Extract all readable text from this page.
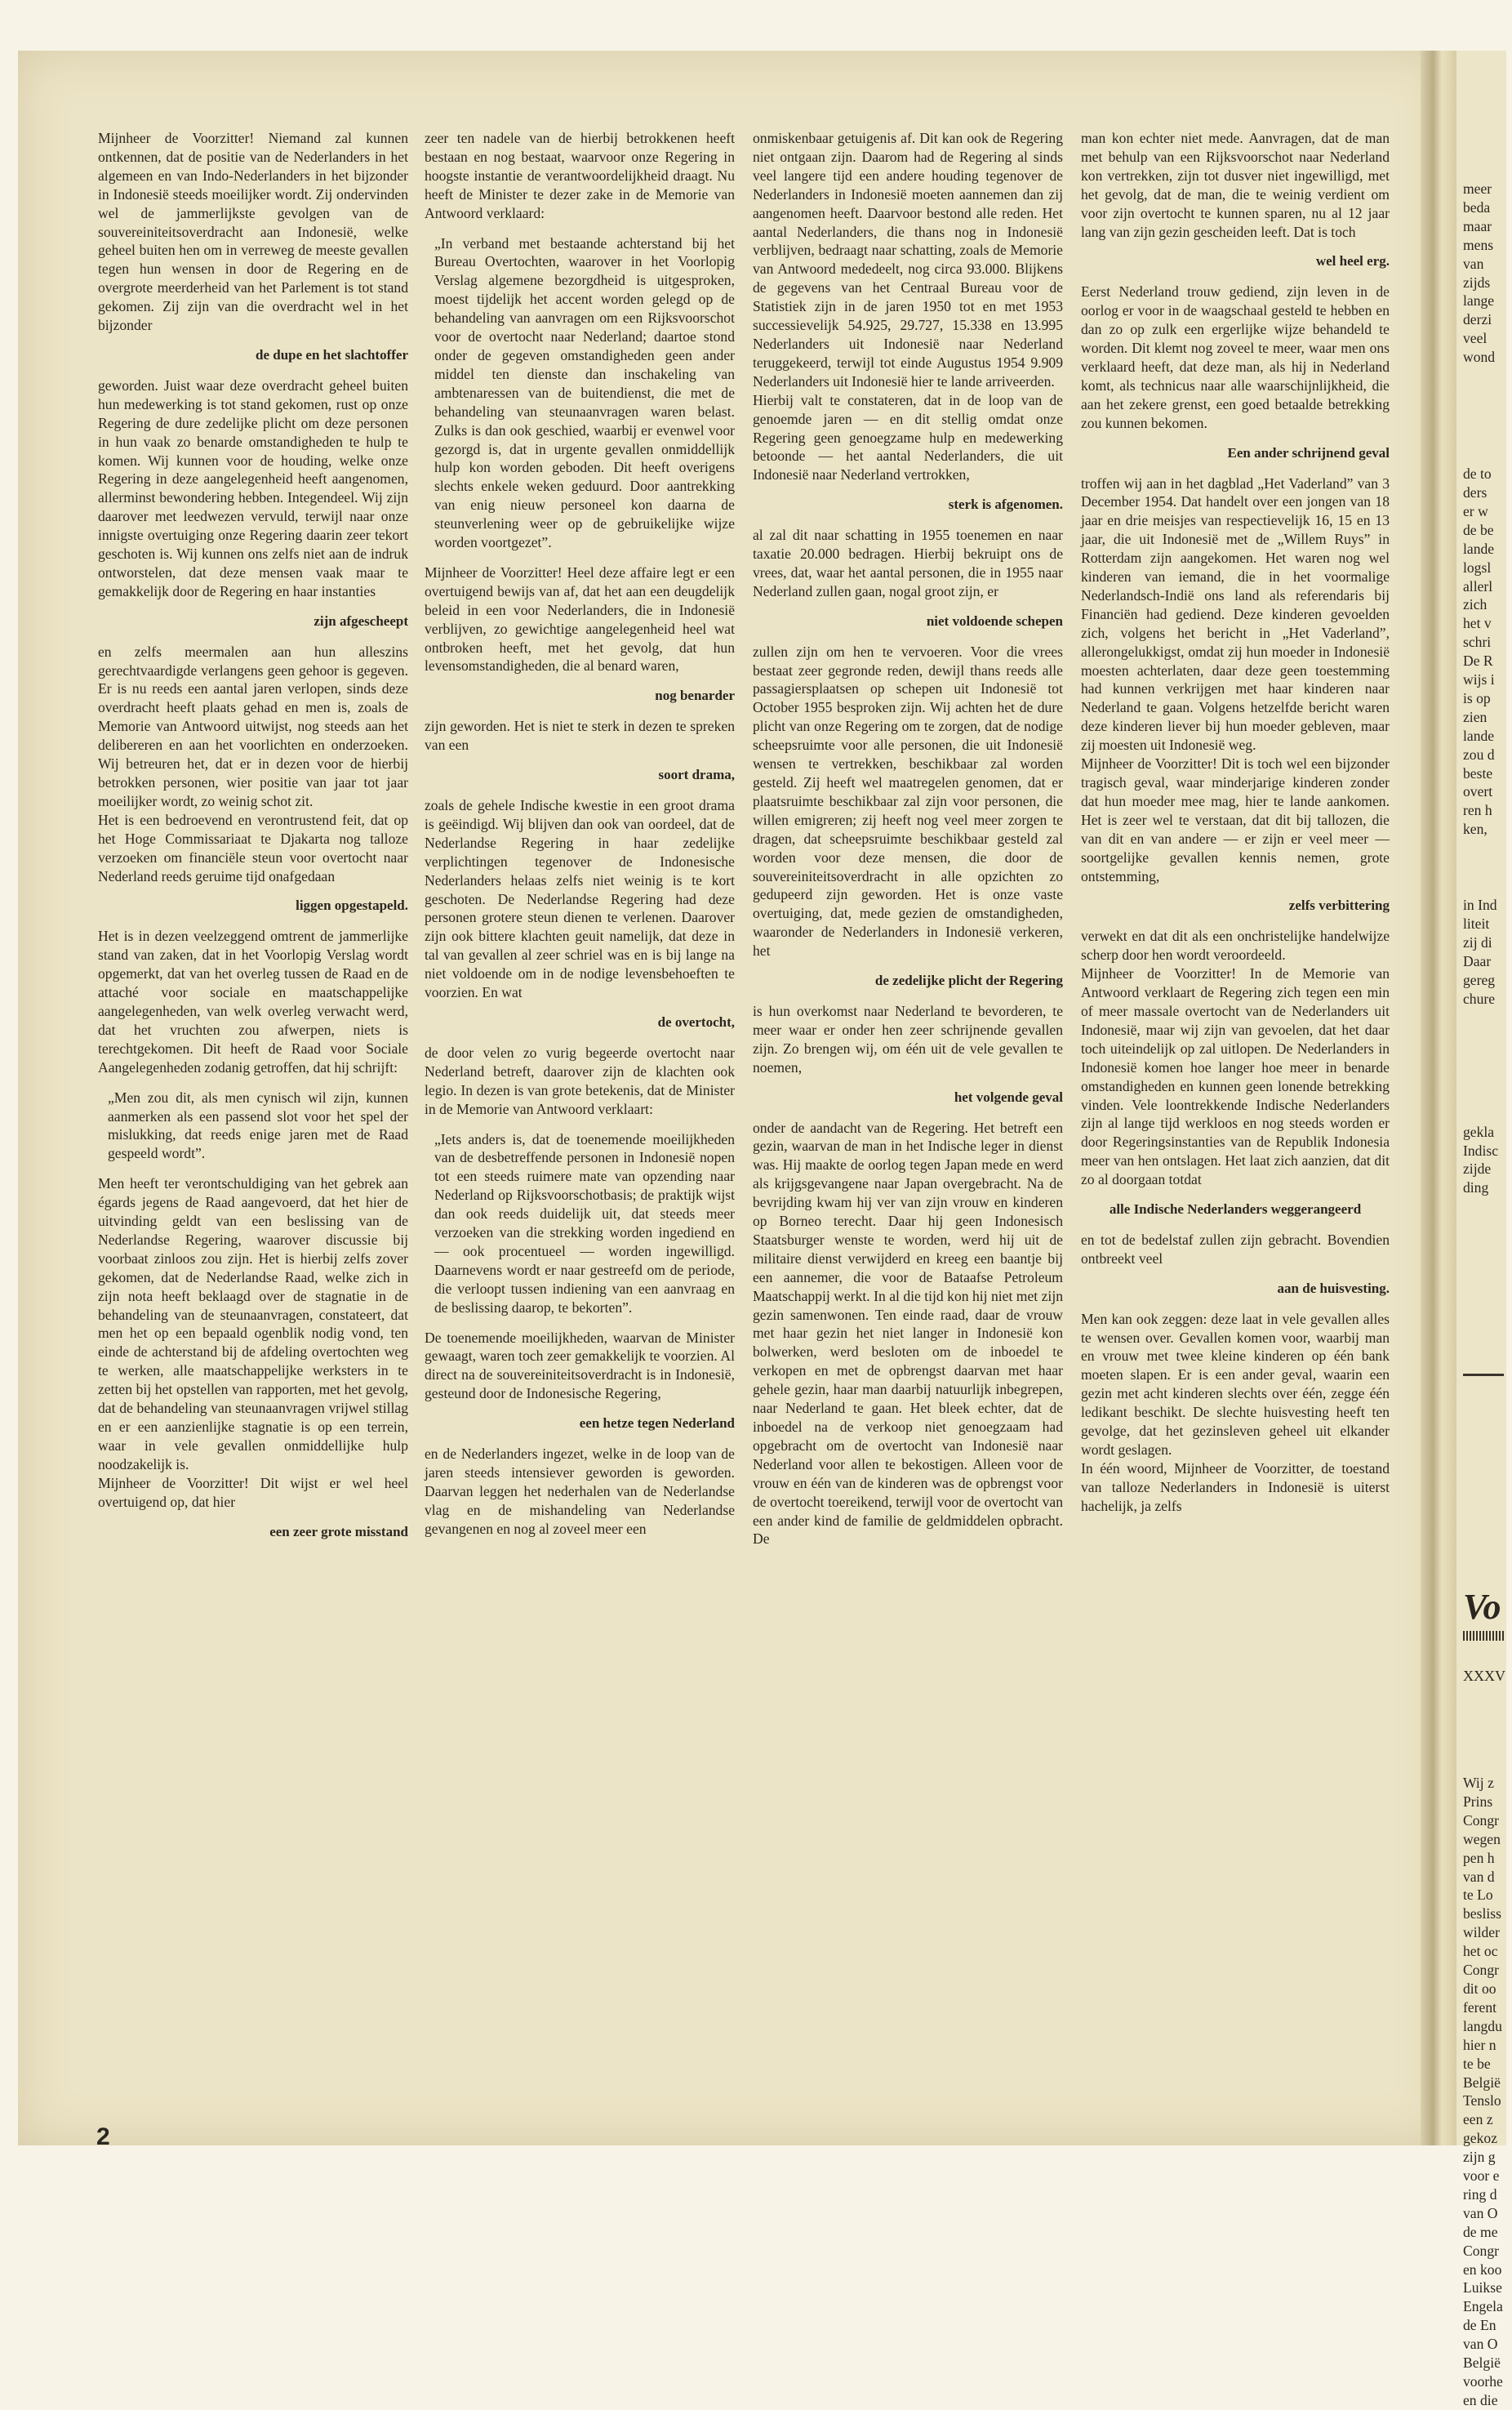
Mijnheer de Voorzitter! Niemand zal kunnen ontkennen, dat de positie van de Nederlanders in het algemeen en van Indo-Nederlanders in het bijzonder in Indonesië steeds moeilijker wordt. Zij ondervinden wel de jammerlijkste gevolgen van de souvereiniteitsoverdracht aan Indonesië, welke geheel buiten hen om in verreweg de meeste gevallen tegen hun wensen in door de Regering en de overgrote meerderheid van het Parlement is tot stand gekomen. Zij zijn van die overdracht wel in het bijzonder

de dupe en het slachtoffer

geworden. Juist waar deze overdracht geheel buiten hun medewerking is tot stand gekomen, rust op onze Regering de dure zedelijke plicht om deze personen in hun vaak zo benarde omstandigheden te hulp te komen. Wij kunnen voor de houding, welke onze Regering in deze aangelegenheid heeft aangenomen, allerminst bewondering hebben. Integendeel. Wij zijn daarover met leedwezen vervuld, terwijl naar onze innigste overtuiging onze Regering daarin zeer tekort geschoten is. Wij kunnen ons zelfs niet aan de indruk ontworstelen, dat deze mensen vaak maar te gemakkelijk door de Regering en haar instanties

zijn afgescheept

en zelfs meermalen aan hun alleszins gerechtvaardigde verlangens geen gehoor is gegeven. Er is nu reeds een aantal jaren verlopen, sinds deze overdracht heeft plaats gehad en men is, zoals de Memorie van Antwoord uitwijst, nog steeds aan het delibereren en aan het voorlichten en onderzoeken. Wij betreuren het, dat er in dezen voor de hierbij betrokken personen, wier positie van jaar tot jaar moeilijker wordt, zo weinig schot zit.

Het is een bedroevend en verontrustend feit, dat op het Hoge Commissariaat te Djakarta nog talloze verzoeken om financiële steun voor overtocht naar Nederland reeds geruime tijd onafgedaan

liggen opgestapeld.

Het is in dezen veelzeggend omtrent de jammerlijke stand van zaken, dat in het Voorlopig Verslag wordt opgemerkt, dat van het overleg tussen de Raad en de attaché voor sociale en maatschappelijke aangelegenheden, van welk overleg verwacht werd, dat het vruchten zou afwerpen, niets is terechtgekomen. Dit heeft de Raad voor Sociale Aangelegenheden zodanig getroffen, dat hij schrijft:

„Men zou dit, als men cynisch wil zijn, kunnen aanmerken als een passend slot voor het spel der mislukking, dat reeds enige jaren met de Raad gespeeld wordt”.

Men heeft ter verontschuldiging van het gebrek aan égards jegens de Raad aangevoerd, dat het hier de uitvinding geldt van een beslissing van de Nederlandse Regering, waarover discussie bij voorbaat zinloos zou zijn. Het is hierbij zelfs zover gekomen, dat de Nederlandse Raad, welke zich in zijn nota heeft beklaagd over de stagnatie in de behandeling van de steunaanvragen, constateert, dat men het op een bepaald ogenblik nodig vond, ten einde de achterstand bij de afdeling overtochten weg te werken, alle maatschappelijke werksters in te zetten bij het opstellen van rapporten, met het gevolg, dat de behandeling van steunaanvragen vrijwel stillag en er een aanzienlijke stagnatie is op een terrein, waar in vele gevallen onmiddellijke hulp noodzakelijk is.

Mijnheer de Voorzitter! Dit wijst er wel heel overtuigend op, dat hier

een zeer grote misstand

zeer ten nadele van de hierbij betrokkenen heeft bestaan en nog bestaat, waarvoor onze Regering in hoogste instantie de verantwoordelijkheid draagt. Nu heeft de Minister te dezer zake in de Memorie van Antwoord verklaard:

„In verband met bestaande achterstand bij het Bureau Overtochten, waarover in het Voorlopig Verslag algemene bezorgdheid is uitgesproken, moest tijdelijk het accent worden gelegd op de behandeling van aanvragen om een Rijksvoorschot voor de overtocht naar Nederland; daartoe stond onder de gegeven omstandigheden geen ander middel ten dienste dan inschakeling van ambtenaressen van de buitendienst, die met de behandeling van steunaanvragen waren belast. Zulks is dan ook geschied, waarbij er evenwel voor gezorgd is, dat in urgente gevallen onmiddellijk hulp kon worden geboden. Dit heeft overigens slechts enkele weken geduurd. Door aantrekking van enig nieuw personeel kon daarna de steunverlening weer op de gebruikelijke wijze worden voortgezet”.

Mijnheer de Voorzitter! Heel deze affaire legt er een overtuigend bewijs van af, dat het aan een deugdelijk beleid in een voor Nederlanders, die in Indonesië verblijven, zo gewichtige aangelegenheid heel wat ontbroken heeft, met het gevolg, dat hun levensomstandigheden, die al benard waren,

nog benarder

zijn geworden. Het is niet te sterk in dezen te spreken van een

soort drama,

zoals de gehele Indische kwestie in een groot drama is geëindigd. Wij blijven dan ook van oordeel, dat de Nederlandse Regering in haar zedelijke verplichtingen tegenover de Indonesische Nederlanders helaas zelfs niet weinig is te kort geschoten. De Nederlandse Regering had deze personen grotere steun dienen te verlenen. Daarover zijn ook bittere klachten geuit namelijk, dat deze in tal van gevallen al zeer schriel was en is bij lange na niet voldoende om in de nodige levensbehoeften te voorzien. En wat

de overtocht,

de door velen zo vurig begeerde overtocht naar Nederland betreft, daarover zijn de klachten ook legio. In dezen is van grote betekenis, dat de Minister in de Memorie van Antwoord verklaart:

„Iets anders is, dat de toenemende moeilijkheden van de desbetreffende personen in Indonesië nopen tot een steeds ruimere mate van opzending naar Nederland op Rijksvoorschotbasis; de praktijk wijst dan ook reeds duidelijk uit, dat steeds meer verzoeken van die strekking worden ingediend en — ook procentueel — worden ingewilligd. Daarnevens wordt er naar gestreefd om de periode, die verloopt tussen indiening van een aanvraag en de beslissing daarop, te bekorten”.

De toenemende moeilijkheden, waarvan de Minister gewaagt, waren toch zeer gemakkelijk te voorzien. Al direct na de souvereiniteitsoverdracht is in Indonesië, gesteund door de Indonesische Regering,

een hetze tegen Nederland

en de Nederlanders ingezet, welke in de loop van de jaren steeds intensiever geworden is geworden. Daarvan leggen het nederhalen van de Nederlandse vlag en de mishandeling van Nederlandse gevangenen en nog al zoveel meer een

onmiskenbaar getuigenis af. Dit kan ook de Regering niet ontgaan zijn. Daarom had de Regering al sinds veel langere tijd een andere houding tegenover de Nederlanders in Indonesië moeten aannemen dan zij aangenomen heeft. Daarvoor bestond alle reden. Het aantal Nederlanders, die thans nog in Indonesië verblijven, bedraagt naar schatting, zoals de Memorie van Antwoord mededeelt, nog circa 93.000. Blijkens de gegevens van het Centraal Bureau voor de Statistiek zijn in de jaren 1950 tot en met 1953 successievelijk 54.925, 29.727, 15.338 en 13.995 Nederlanders uit Indonesië naar Nederland teruggekeerd, terwijl tot einde Augustus 1954 9.909 Nederlanders uit Indonesië hier te lande arriveerden.

Hierbij valt te constateren, dat in de loop van de genoemde jaren — en dit stellig omdat onze Regering geen genoegzame hulp en medewerking betoonde — het aantal Nederlanders, die uit Indonesië naar Nederland vertrokken,

sterk is afgenomen.

al zal dit naar schatting in 1955 toenemen en naar taxatie 20.000 bedragen. Hierbij bekruipt ons de vrees, dat, waar het aantal personen, die in 1955 naar Nederland zullen gaan, nogal groot zijn, er

niet voldoende schepen

zullen zijn om hen te vervoeren. Voor die vrees bestaat zeer gegronde reden, dewijl thans reeds alle passagiersplaatsen op schepen uit Indonesië tot October 1955 besproken zijn. Wij achten het de dure plicht van onze Regering om te zorgen, dat de nodige scheepsruimte voor alle personen, die uit Indonesië wensen te vertrekken, beschikbaar zal worden gesteld. Zij heeft wel maatregelen genomen, dat er plaatsruimte beschikbaar zal zijn voor personen, die willen emigreren; zij heeft nog veel meer zorgen te dragen, dat scheepsruimte beschikbaar gesteld zal worden voor deze mensen, die door de souvereiniteitsoverdracht in alle opzichten zo gedupeerd zijn geworden. Het is onze vaste overtuiging, dat, mede gezien de omstandigheden, waaronder de Nederlanders in Indonesië verkeren, het

de zedelijke plicht der Regering

is hun overkomst naar Nederland te bevorderen, te meer waar er onder hen zeer schrijnende gevallen zijn. Zo brengen wij, om één uit de vele gevallen te noemen,

het volgende geval

onder de aandacht van de Regering. Het betreft een gezin, waarvan de man in het Indische leger in dienst was. Hij maakte de oorlog tegen Japan mede en werd als krijgsgevangene naar Japan overgebracht. Na de bevrijding kwam hij ver van zijn vrouw en kinderen op Borneo terecht. Daar hij geen Indonesisch Staatsburger wenste te worden, werd hij uit de militaire dienst verwijderd en kreeg een baantje bij een aannemer, die voor de Bataafse Petroleum Maatschappij werkt. In al die tijd kon hij niet met zijn gezin samenwonen. Ten einde raad, daar de vrouw met haar gezin het niet langer in Indonesië kon bolwerken, werd besloten om de inboedel te verkopen en met de opbrengst daarvan met haar gehele gezin, haar man daarbij natuurlijk inbegrepen, naar Nederland te gaan. Het bleek echter, dat de inboedel na de verkoop niet genoegzaam had opgebracht om de overtocht van Indonesië naar Nederland voor allen te bekostigen. Alleen voor de vrouw en één van de kinderen was de opbrengst voor de overtocht toereikend, terwijl voor de overtocht van een ander kind de familie de geldmiddelen opbracht. De

man kon echter niet mede. Aanvragen, dat de man met behulp van een Rijksvoorschot naar Nederland kon vertrekken, zijn tot dusver niet ingewilligd, met het gevolg, dat de man, die te weinig verdient om voor zijn overtocht te kunnen sparen, nu al 12 jaar lang van zijn gezin gescheiden leeft. Dat is toch

wel heel erg.

Eerst Nederland trouw gediend, zijn leven in de oorlog er voor in de waagschaal gesteld te hebben en dan zo op zulk een ergerlijke wijze behandeld te worden. Dit klemt nog zoveel te meer, waar men ons verklaard heeft, dat deze man, als hij in Nederland komt, als technicus naar alle waarschijnlijkheid, die aan het zekere grenst, een goed betaalde betrekking zou kunnen bekomen.

Een ander schrijnend geval

troffen wij aan in het dagblad „Het Vaderland” van 3 December 1954. Dat handelt over een jongen van 18 jaar en drie meisjes van respectievelijk 16, 15 en 13 jaar, die uit Indonesië met de „Willem Ruys” in Rotterdam zijn aangekomen. Het waren nog wel kinderen van iemand, die in het voormalige Nederlandsch-Indië ons land als referendaris bij Financiën had gediend. Deze kinderen gevoelden zich, volgens het bericht in „Het Vaderland”, allerongelukkigst, omdat zij hun moeder in Indonesië moesten achterlaten, daar deze geen toestemming had kunnen verkrijgen met haar kinderen naar Nederland te gaan. Volgens hetzelfde bericht waren deze kinderen liever bij hun moeder gebleven, maar zij moesten uit Indonesië weg.

Mijnheer de Voorzitter! Dit is toch wel een bijzonder tragisch geval, waar minderjarige kinderen zonder dat hun moeder mee mag, hier te lande aankomen. Het is zeer wel te verstaan, dat dit bij tallozen, die van dit en van andere — er zijn er veel meer — soortgelijke gevallen kennis nemen, grote ontstemming,

zelfs verbittering

verwekt en dat dit als een onchristelijke handelwijze scherp door hen wordt veroordeeld.

Mijnheer de Voorzitter! In de Memorie van Antwoord verklaart de Regering zich tegen een min of meer massale overtocht van de Nederlanders uit Indonesië, maar wij zijn van gevoelen, dat het daar toch uiteindelijk op zal uitlopen. De Nederlanders in Indonesië komen hoe langer hoe meer in benarde omstandigheden en kunnen geen lonende betrekking vinden. Vele loontrekkende Indische Nederlanders zijn al lange tijd werkloos en nog steeds worden er door Regeringsinstanties van de Republik Indonesia meer van hen ontslagen. Het laat zich aanzien, dat dit zo al doorgaan totdat

alle Indische Nederlanders weggerangeerd

en tot de bedelstaf zullen zijn gebracht. Bovendien ontbreekt veel

aan de huisvesting.

Men kan ook zeggen: deze laat in vele gevallen alles te wensen over. Gevallen komen voor, waarbij man en vrouw met twee kleine kinderen op één bank moeten slapen. Er is een ander geval, waarin een gezin met acht kinderen slechts over één, zegge één ledikant beschikt. De slechte huisvesting heeft ten gevolge, dat het gezinsleven geheel uit elkander wordt geslagen.

In één woord, Mijnheer de Voorzitter, de toestand van talloze Nederlanders in Indonesië is uiterst hachelijk, ja zelfs

2
meer
beda
maar
mens
van
zijds
lange
derzi
veel
wond
de to
ders
er w
de be
lande
logsl
allerl
zich
het v
schri
De R
wijs i
is op
zien
lande
zou d
beste
overt
ren h
ken,
in Ind
liteit
zij di
Daar
gereg
chure
gekla
Indisc
zijde
ding
Vo
XXXV
Wij z
Prins
Congr
wegen
pen h
van d
te Lo
besliss
wilder
het oc
Congr
dit oo
ferent
langdu
hier n
te be
België
Tenslo
een z
gekoz
zijn g
voor e
ring d
van O
de me
Congr
en koo
Luikse
Engela
de En
van O
België
voorhe
en die
